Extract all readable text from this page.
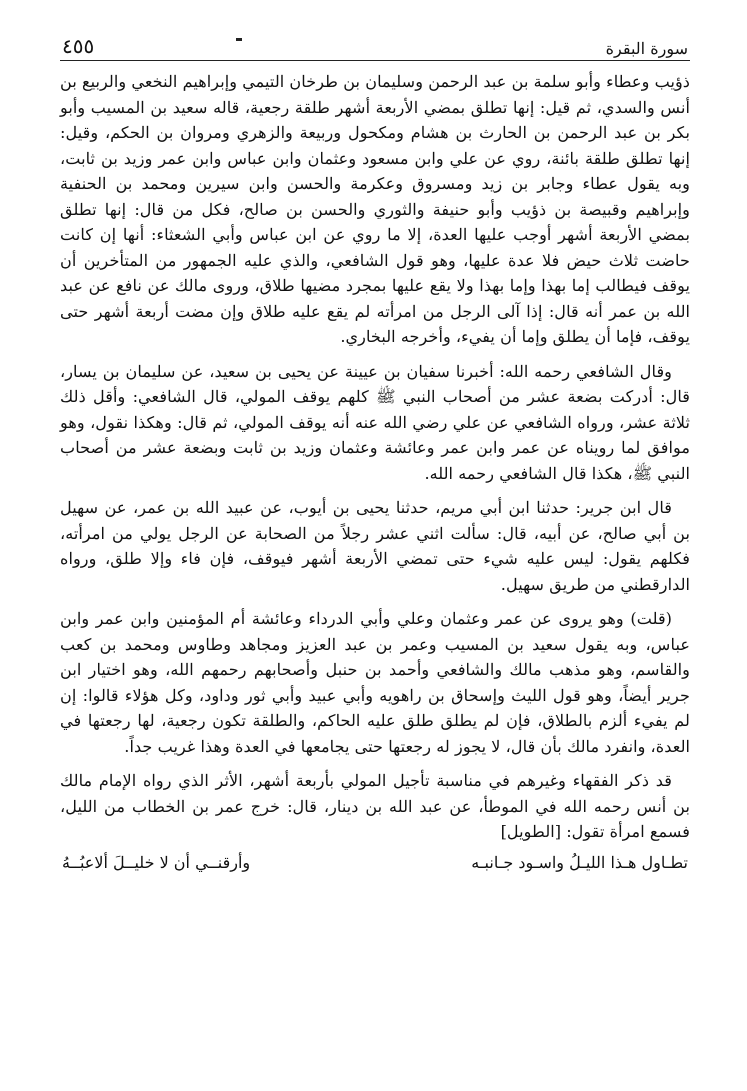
سورة البقرة
٤٥٥

ذؤيب وعطاء وأبو سلمة بن عبد الرحمن وسليمان بن طرخان التيمي وإبراهيم النخعي والربيع بن أنس والسدي، ثم قيل: إنها تطلق بمضي الأربعة أشهر طلقة رجعية، قاله سعيد بن المسيب وأبو بكر بن عبد الرحمن بن الحارث بن هشام ومكحول وربيعة والزهري ومروان بن الحكم، وقيل: إنها تطلق طلقة بائنة، روي عن علي وابن مسعود وعثمان وابن عباس وابن عمر وزيد بن ثابت، وبه يقول عطاء وجابر بن زيد ومسروق وعكرمة والحسن وابن سيرين ومحمد بن الحنفية وإبراهيم وقبيصة بن ذؤيب وأبو حنيفة والثوري والحسن بن صالح، فكل من قال: إنها تطلق بمضي الأربعة أشهر أوجب عليها العدة، إلا ما روي عن ابن عباس وأبي الشعثاء: أنها إن كانت حاضت ثلاث حيض فلا عدة عليها، وهو قول الشافعي، والذي عليه الجمهور من المتأخرين أن يوقف فيطالب إما بهذا وإما بهذا ولا يقع عليها بمجرد مضيها طلاق، وروى مالك عن نافع عن عبد الله بن عمر أنه قال: إذا آلى الرجل من امرأته لم يقع عليه طلاق وإن مضت أربعة أشهر حتى يوقف، فإما أن يطلق وإما أن يفيء، وأخرجه البخاري.

وقال الشافعي رحمه الله: أخبرنا سفيان بن عيينة عن يحيى بن سعيد، عن سليمان بن يسار، قال: أدركت بضعة عشر من أصحاب النبي ﷺ كلهم يوقف المولي، قال الشافعي: وأقل ذلك ثلاثة عشر، ورواه الشافعي عن علي رضي الله عنه أنه يوقف المولي، ثم قال: وهكذا نقول، وهو موافق لما رويناه عن عمر وابن عمر وعائشة وعثمان وزيد بن ثابت وبضعة عشر من أصحاب النبي ﷺ، هكذا قال الشافعي رحمه الله.

قال ابن جرير: حدثنا ابن أبي مريم، حدثنا يحيى بن أيوب، عن عبيد الله بن عمر، عن سهيل بن أبي صالح، عن أبيه، قال: سألت اثني عشر رجلاً من الصحابة عن الرجل يولي من امرأته، فكلهم يقول: ليس عليه شيء حتى تمضي الأربعة أشهر فيوقف، فإن فاء وإلا طلق، ورواه الدارقطني من طريق سهيل.

(قلت) وهو يروى عن عمر وعثمان وعلي وأبي الدرداء وعائشة أم المؤمنين وابن عمر وابن عباس، وبه يقول سعيد بن المسيب وعمر بن عبد العزيز ومجاهد وطاوس ومحمد بن كعب والقاسم، وهو مذهب مالك والشافعي وأحمد بن حنبل وأصحابهم رحمهم الله، وهو اختيار ابن جرير أيضاً، وهو قول الليث وإسحاق بن راهويه وأبي عبيد وأبي ثور وداود، وكل هؤلاء قالوا: إن لم يفيء ألزم بالطلاق، فإن لم يطلق طلق عليه الحاكم، والطلقة تكون رجعية، لها رجعتها في العدة، وانفرد مالك بأن قال، لا يجوز له رجعتها حتى يجامعها في العدة وهذا غريب جداً.

قد ذكر الفقهاء وغيرهم في مناسبة تأجيل المولي بأربعة أشهر، الأثر الذي رواه الإمام مالك بن أنس رحمه الله في الموطأ، عن عبد الله بن دينار، قال: خرج عمر بن الخطاب من الليل، فسمع امرأة تقول: [الطويل]

تطـاول هـذا الليـلُ واسـود جـانبـه
وأرقنــي أن لا خليــلَ ألاعبُــهُ
